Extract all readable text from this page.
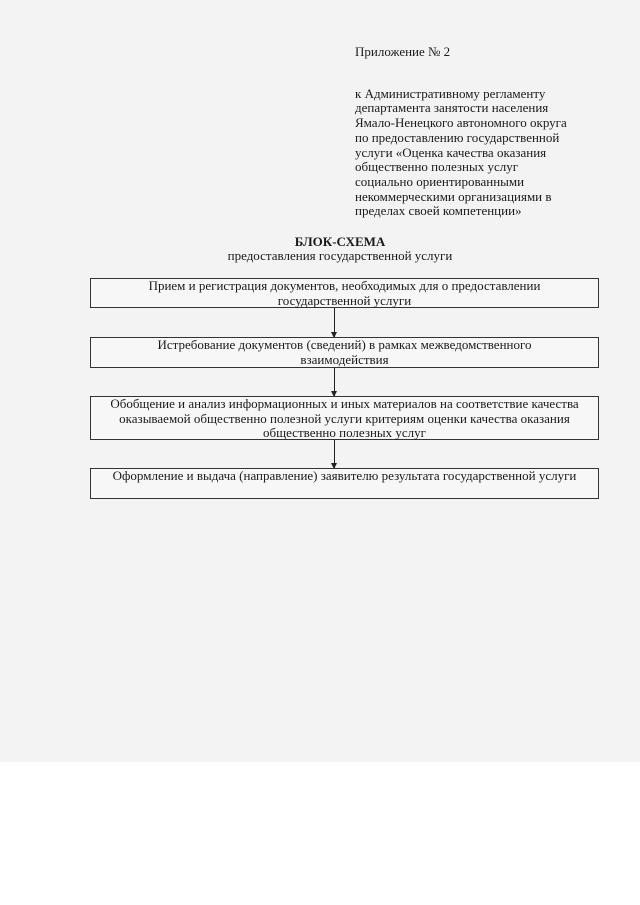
Приложение № 2
к Административному регламенту
департамента занятости населения
Ямало-Ненецкого автономного округа
по предоставлению государственной
услуги «Оценка качества оказания
общественно полезных услуг
социально ориентированными
некоммерческими организациями в
пределах своей компетенции»
БЛОК-СХЕМА
предоставления государственной услуги
Прием и регистрация документов, необходимых для о предоставлении государственной услуги
Истребование документов (сведений) в рамках межведомственного взаимодействия
Обобщение и анализ информационных и иных материалов на соответствие качества оказываемой общественно полезной услуги критериям оценки качества оказания общественно полезных услуг
Оформление и выдача (направление) заявителю результата государственной услуги
